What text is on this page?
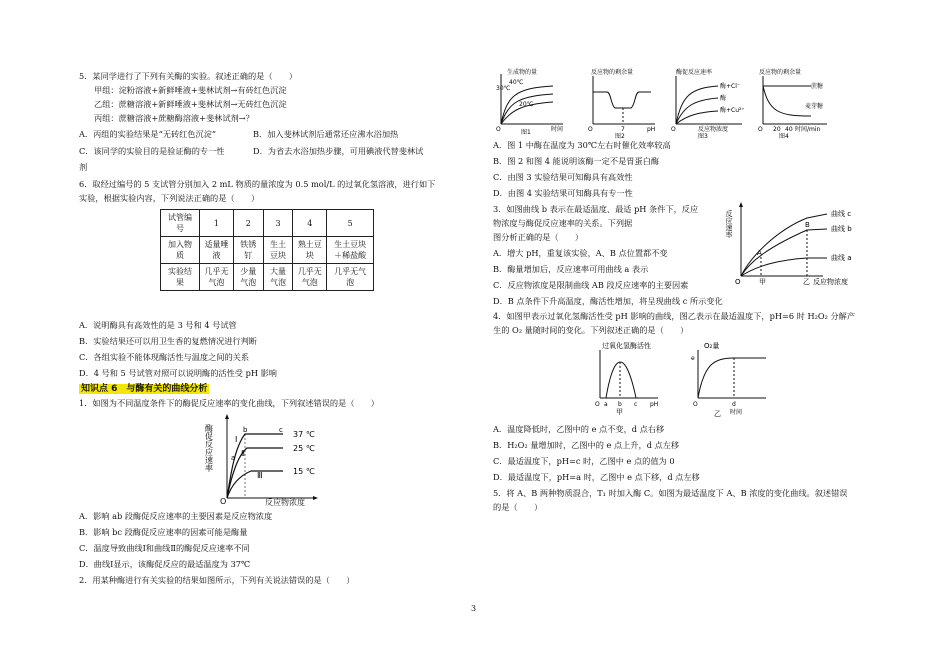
5．某同学进行了下列有关酶的实验。叙述正确的是（　　）
甲组：淀粉溶液+新鲜唾液+斐林试剂→有砖红色沉淀
乙组：蔗糖溶液+新鲜唾液+斐林试剂→无砖红色沉淀
丙组：蔗糖溶液+蔗糖酶溶液+斐林试剂→？
A．丙组的实验结果是“无砖红色沉淀”	B．加入斐林试剂后通常还应沸水浴加热
C．该同学的实验目的是验证酶的专一性	D．为省去水浴加热步骤，可用碘液代替斐林试
剂
6．取经过编号的 5 支试管分别加入 2 mL 物质的量浓度为 0.5 mol/L 的过氧化氢溶液，进行如下
实验，根据实验内容，下列说法正确的是（　　）
试管编号	1	2	3	4	5
加入物质	适量唾液	铁锈钉	生土豆块	熟土豆块	生土豆块＋稀盐酸
实验结果	几乎无气泡	少量气泡	大量气泡	几乎无气泡	几乎无气泡
A．说明酶具有高效性的是 3 号和 4 号试管
B．实验结果还可以用卫生香的复燃情况进行判断
C．各组实验不能体现酶活性与温度之间的关系
D．4 号和 5 号试管对照可以说明酶的活性受 pH 影响
知识点 6　与酶有关的曲线分析
1．如图为不同温度条件下的酶促反应速率的变化曲线，下列叙述错误的是（　　）
Ⅰ
Ⅱ
Ⅲ
a
b	c
O
37 ℃
25 ℃
15 ℃
酶促反应速率
反应物浓度
A．影响 ab 段酶促反应速率的主要因素是反应物浓度
B．影响 bc 段酶促反应速率的因素可能是酶量
C．温度导致曲线Ⅰ和曲线Ⅱ的酶促反应速率不同
D．曲线Ⅰ显示，该酶促反应的最适温度为 37℃
2．用某种酶进行有关实验的结果如图所示，下列有关说法错误的是（　　）
生成物的量
40℃
30℃
20℃
O	时间
图1
反应物的剩余量
O	7	pH
图2
酶促反应速率
酶+Cl⁻
酶
酶+Cu²⁺
O	反应物浓度
图3
反应物的剩余量
蔗糖
麦芽糖
O 20 40 时间/min
图4
A．图 1 中酶在温度为 30℃左右时催化效率较高
B．图 2 和图 4 能说明该酶一定不是胃蛋白酶
C．由图 3 实验结果可知酶具有高效性
D．由图 4 实验结果可知酶具有专一性
3．如图曲线 b 表示在最适温度、最适 pH 条件下，反应
物浓度与酶促反应速率的关系。下列据
图分析正确的是（　　）
A．增大 pH，重复该实验，A、B 点位置都不变
B．酶量增加后，反应速率可用曲线 a 表示
C．反应物浓度是限制曲线 AB 段反应速率的主要因素
D．B 点条件下升高温度，酶活性增加，将呈现曲线 c 所示变化
A
B
O	甲	乙 反应物浓度
曲线 c
曲线 b
曲线 a
反应速率
4．如图甲表示过氧化氢酶活性受 pH 影响的曲线，图乙表示在最适温度下，pH=6 时 H₂O₂ 分解产
生的 O₂ 量随时间的变化。下列叙述正确的是（　　）
过氧化氢酶活性
O a b c pH
甲
O₂量
e
O	d
时间
乙
A．温度降低时，乙图中的 e 点不变，d 点右移
B．H₂O₂ 量增加时，乙图中的 e 点上升，d 点左移
C．最适温度下，pH=c 时，乙图中 e 点的值为 0
D．最适温度下，pH=a 时，乙图中 e 点下移，d 点左移
5．将 A、B 两种物质混合，T₁ 时加入酶 C。如图为最适温度下 A、B 浓度的变化曲线。叙述错误
的是（　　）
3
